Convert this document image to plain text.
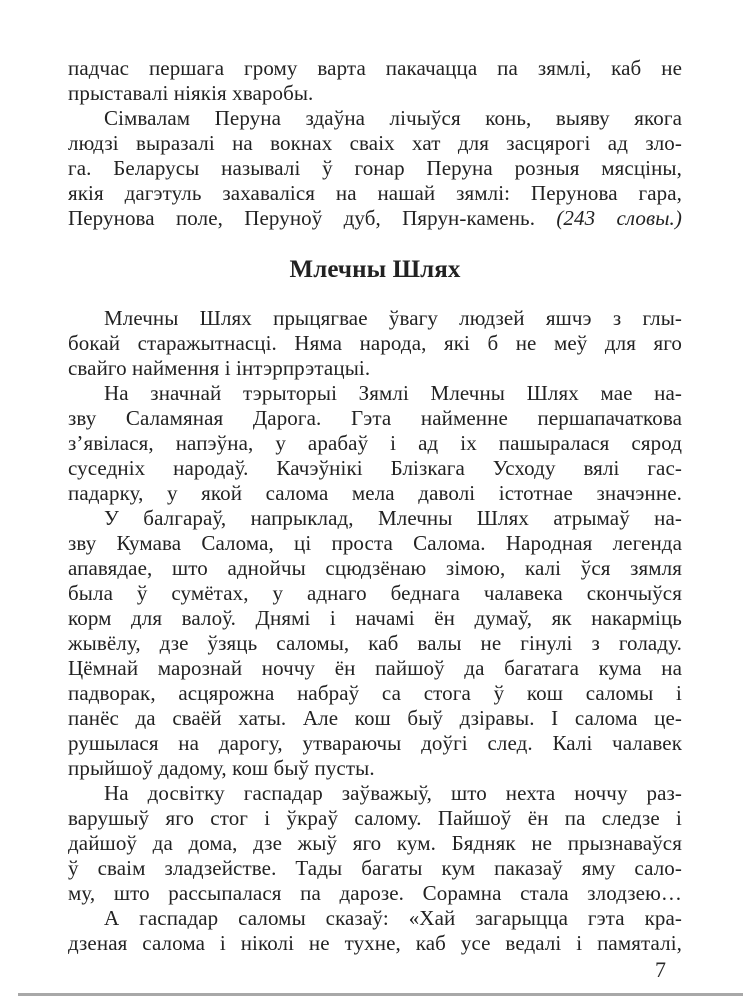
падчас першага грому варта пакачацца па зямлі, каб не
прыставалі ніякія хваробы.
Сімвалам Перуна здаўна лічыўся конь, выяву якога
людзі выразалі на вокнах сваіх хат для засцярогі ад зло-
га. Беларусы называлі ў гонар Перуна розныя мясціны,
якія дагэтуль захаваліся на нашай зямлі: Перунова гара,
Перунова поле, Перуноў дуб, Пярун-камень. (243 словы.)
Млечны Шлях
Млечны Шлях прыцягвае ўвагу людзей яшчэ з глы-
бокай старажытнасці. Няма народа, які б не меў для яго
свайго наймення і інтэрпрэтацыі.
На значнай тэрыторыі Зямлі Млечны Шлях мае на-
зву Саламяная Дарога. Гэта найменне першапачаткова
з’явілася, напэўна, у арабаў і ад іх пашыралася сярод
суседніх народаў. Качэўнікі Блізкага Усходу вялі гас-
падарку, у якой салома мела даволі істотнае значэнне.
У балгараў, напрыклад, Млечны Шлях атрымаў на-
зву Кумава Салома, ці проста Салома. Народная легенда
апавядае, што аднойчы сцюдзёнаю зімою, калі ўся зямля
была ў сумётах, у аднаго беднага чалавека скончыўся
корм для валоў. Днямі і начамі ён думаў, як накарміць
жывёлу, дзе ўзяць саломы, каб валы не гінулі з голаду.
Цёмнай марознай ноччу ён пайшоў да багатага кума на
падворак, асцярожна набраў са стога ў кош саломы і
панёс да сваёй хаты. Але кош быў дзіравы. І салома це-
рушылася на дарогу, утвараючы доўгі след. Калі чалавек
прыйшоў дадому, кош быў пусты.
На досвітку гаспадар заўважыў, што нехта ноччу раз-
варушыў яго стог і ўкраў салому. Пайшоў ён па следзе і
дайшоў да дома, дзе жыў яго кум. Бядняк не прызнаваўся
ў сваім зладзействе. Тады багаты кум паказаў яму сало-
му, што рассыпалася па дарозе. Сорамна стала злодзею…
А гаспадар саломы сказаў: «Хай загарыцца гэта кра-
дзеная салома і ніколі не тухне, каб усе ведалі і памяталі,
7
